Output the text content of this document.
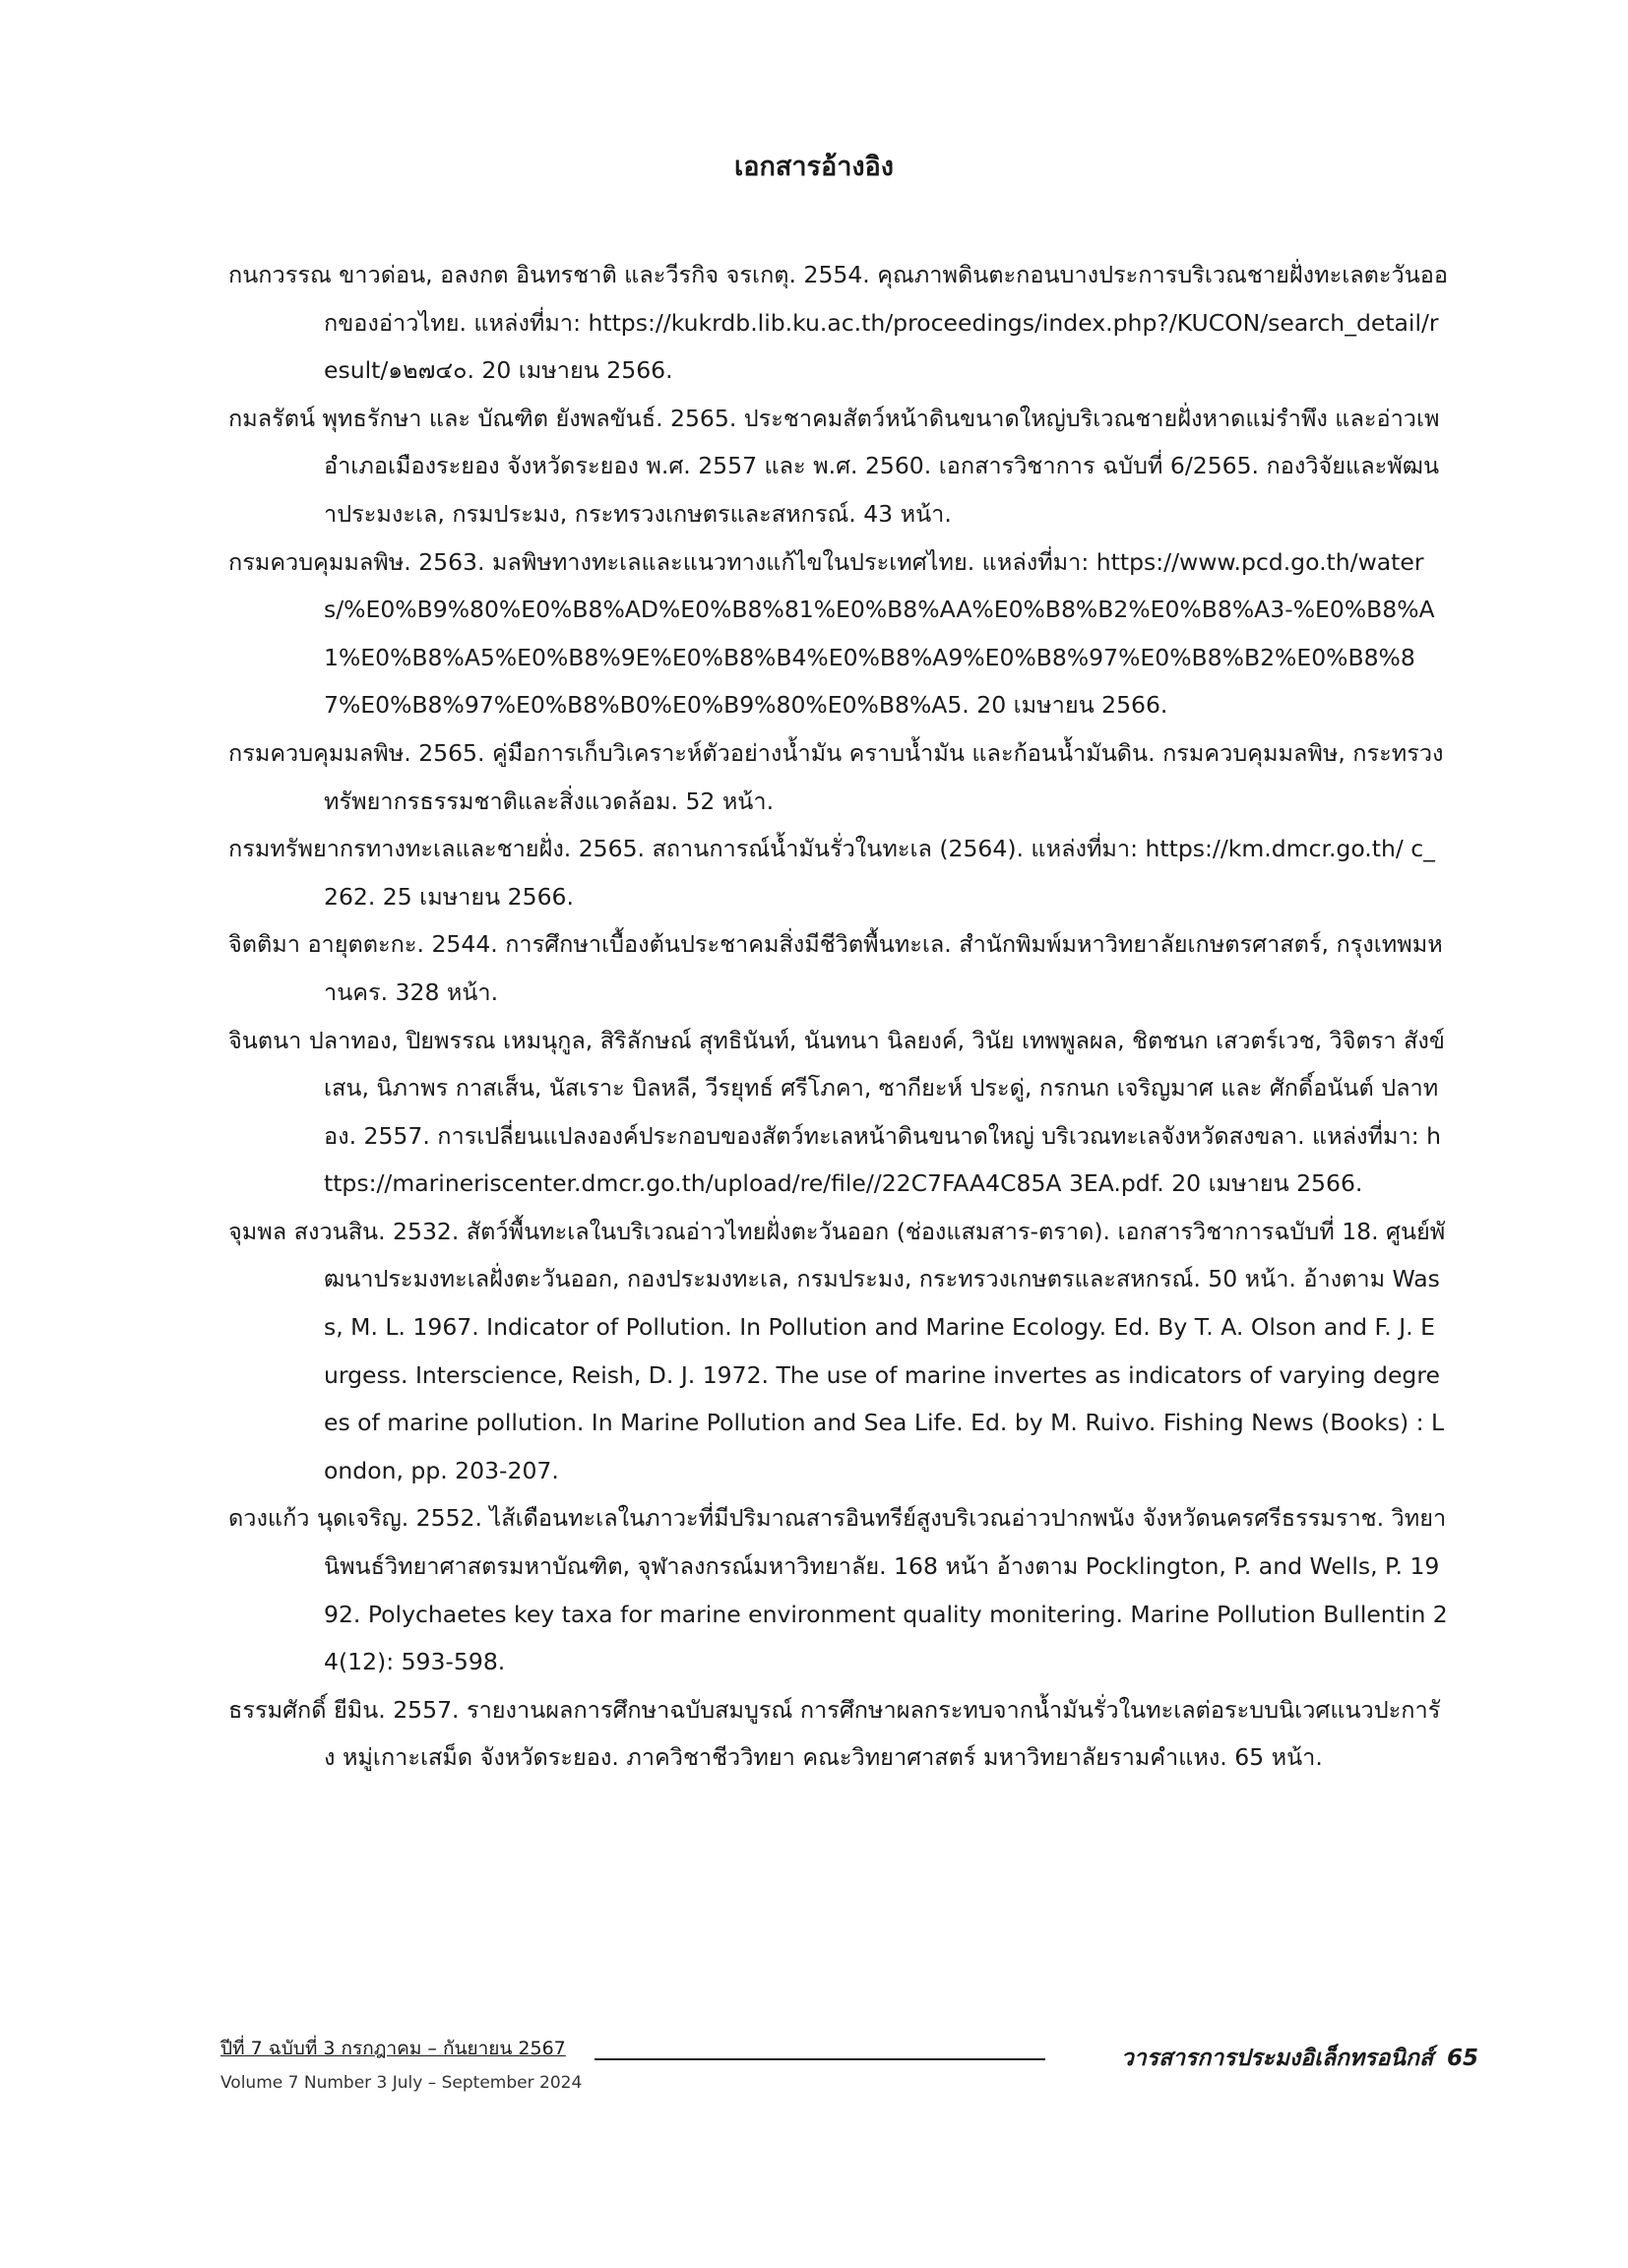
เอกสารอ้างอิง
กนกวรรณ ขาวด่อน, อลงกต อินทรชาติ และวีรกิจ จรเกตุ. 2554. คุณภาพดินตะกอนบางประการบริเวณชายฝั่งทะเลตะวันออกของอ่าวไทย. แหล่งที่มา: https://kukrdb.lib.ku.ac.th/proceedings/index.php?/KUCON/search_detail/result/๑๒๗๔๐. 20 เมษายน 2566.
กมลรัตน์ พุทธรักษา และ บัณฑิต ยังพลขันธ์. 2565. ประชาคมสัตว์หน้าดินขนาดใหญ่บริเวณชายฝั่งหาดแม่รำพึง และอ่าวเพ อำเภอเมืองระยอง จังหวัดระยอง พ.ศ. 2557 และ พ.ศ. 2560. เอกสารวิชาการ ฉบับที่ 6/2565. กองวิจัยและพัฒนาประมงะเล, กรมประมง, กระทรวงเกษตรและสหกรณ์. 43 หน้า.
กรมควบคุมมลพิษ. 2563. มลพิษทางทะเลและแนวทางแก้ไขในประเทศไทย. แหล่งที่มา: https://www.pcd.go.th/waters/%E0%B9%80%E0%B8%AD%E0%B8%81%E0%B8%AA%E0%B8%B2%E0%B8%A3-%E0%B8%A1%E0%B8%A5%E0%B8%9E%E0%B8%B4%E0%B8%A9%E0%B8%97%E0%B8%B2%E0%B8%87%E0%B8%97%E0%B8%B0%E0%B9%80%E0%B8%A5. 20 เมษายน 2566.
กรมควบคุมมลพิษ. 2565. คู่มือการเก็บวิเคราะห์ตัวอย่างน้ำมัน คราบน้ำมัน และก้อนน้ำมันดิน. กรมควบคุมมลพิษ, กระทรวงทรัพยากรธรรมชาติและสิ่งแวดล้อม. 52 หน้า.
กรมทรัพยากรทางทะเลและชายฝั่ง. 2565. สถานการณ์น้ำมันรั่วในทะเล (2564). แหล่งที่มา: https://km.dmcr.go.th/ c_262. 25 เมษายน 2566.
จิตติมา อายุตตะกะ. 2544. การศึกษาเบื้องต้นประชาคมสิ่งมีชีวิตพื้นทะเล. สำนักพิมพ์มหาวิทยาลัยเกษตรศาสตร์, กรุงเทพมหานคร. 328 หน้า.
จินตนา ปลาทอง, ปิยพรรณ เหมนุกูล, สิริลักษณ์ สุทธินันท์, นันทนา นิลยงค์, วินัย เทพพูลผล, ชิตชนก เสวตร์เวช, วิจิตรา สังข์เสน, นิภาพร กาสเส็น, นัสเราะ บิลหลี, วีรยุทธ์ ศรีโภคา, ซากียะห์ ประดู่, กรกนก เจริญมาศ และ ศักดิ์อนันต์ ปลาทอง. 2557. การเปลี่ยนแปลงองค์ประกอบของสัตว์ทะเลหน้าดินขนาดใหญ่ บริเวณทะเลจังหวัดสงขลา. แหล่งที่มา: https://marineriscenter.dmcr.go.th/upload/re/file//22C7FAA4C85A 3EA.pdf. 20 เมษายน 2566.
จุมพล สงวนสิน. 2532. สัตว์พื้นทะเลในบริเวณอ่าวไทยฝั่งตะวันออก (ช่องแสมสาร-ตราด). เอกสารวิชาการฉบับที่ 18. ศูนย์พัฒนาประมงทะเลฝั่งตะวันออก, กองประมงทะเล, กรมประมง, กระทรวงเกษตรและสหกรณ์. 50 หน้า. อ้างตาม Wass, M. L. 1967. Indicator of Pollution. In Pollution and Marine Ecology. Ed. By T. A. Olson and F. J. Eurgess. Interscience, Reish, D. J. 1972. The use of marine invertes as indicators of varying degrees of marine pollution. In Marine Pollution and Sea Life. Ed. by M. Ruivo. Fishing News (Books) : London, pp. 203-207.
ดวงแก้ว นุดเจริญ. 2552. ไส้เดือนทะเลในภาวะที่มีปริมาณสารอินทรีย์สูงบริเวณอ่าวปากพนัง จังหวัดนครศรีธรรมราช. วิทยานิพนธ์วิทยาศาสตรมหาบัณฑิต, จุฬาลงกรณ์มหาวิทยาลัย. 168 หน้า อ้างตาม Pocklington, P. and Wells, P. 1992. Polychaetes key taxa for marine environment quality monitering. Marine Pollution Bullentin 24(12): 593-598.
ธรรมศักดิ์ ยีมิน. 2557. รายงานผลการศึกษาฉบับสมบูรณ์ การศึกษาผลกระทบจากน้ำมันรั่วในทะเลต่อระบบนิเวศแนวปะการัง หมู่เกาะเสม็ด จังหวัดระยอง. ภาควิชาชีววิทยา คณะวิทยาศาสตร์ มหาวิทยาลัยรามคำแหง. 65 หน้า.
ปีที่ 7 ฉบับที่ 3 กรกฎาคม – กันยายน 2567
Volume 7 Number 3 July – September 2024
วารสารการประมงอิเล็กทรอนิกส์ 65
